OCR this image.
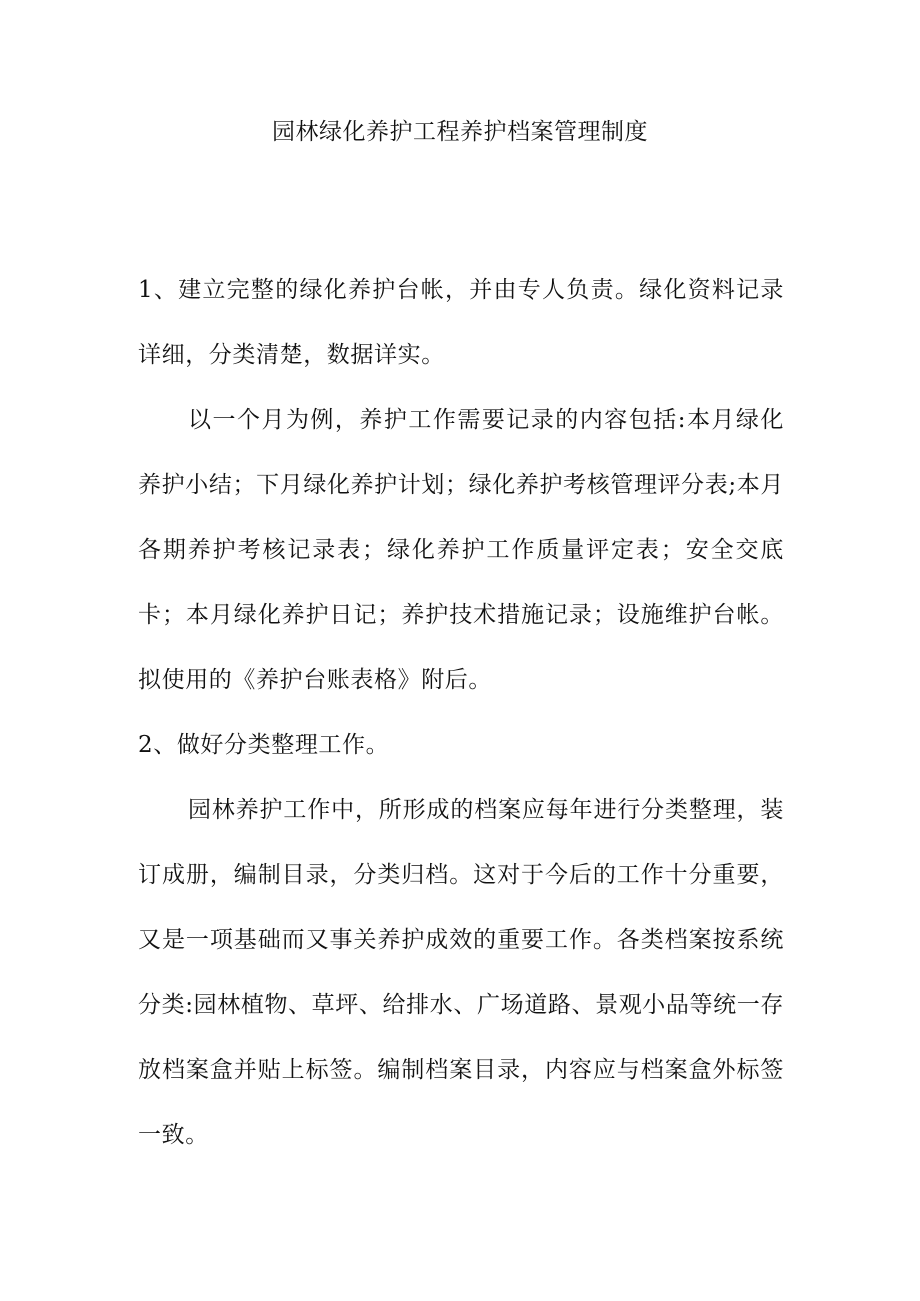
园林绿化养护工程养护档案管理制度

1、建立完整的绿化养护台帐，并由专人负责。绿化资料记录详细，分类清楚，数据详实。

以一个月为例，养护工作需要记录的内容包括:本月绿化养护小结；下月绿化养护计划；绿化养护考核管理评分表;本月各期养护考核记录表；绿化养护工作质量评定表；安全交底卡；本月绿化养护日记；养护技术措施记录；设施维护台帐。拟使用的《养护台账表格》附后。

2、做好分类整理工作。

园林养护工作中，所形成的档案应每年进行分类整理，装订成册，编制目录，分类归档。这对于今后的工作十分重要，又是一项基础而又事关养护成效的重要工作。各类档案按系统分类:园林植物、草坪、给排水、广场道路、景观小品等统一存放档案盒并贴上标签。编制档案目录，内容应与档案盒外标签一致。
